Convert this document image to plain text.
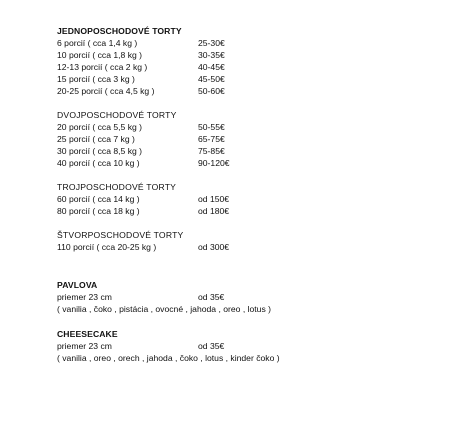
JEDNOPOSCHODOVÉ TORTY
6 porcií ( cca 1,4 kg )	25-30€
10 porcií ( cca 1,8 kg )	30-35€
12-13 porcií ( cca 2 kg )	40-45€
15 porcií ( cca 3 kg )	45-50€
20-25 porcií ( cca 4,5 kg )	50-60€
DVOJPOSCHODOVÉ TORTY
20 porcií ( cca 5,5 kg )	50-55€
25 porcií ( cca 7 kg )	65-75€
30 porcií ( cca 8,5 kg )	75-85€
40 porcií ( cca 10 kg )	90-120€
TROJPOSCHODOVÉ TORTY
60 porcií ( cca 14 kg )	od 150€
80 porcií ( cca 18 kg )	od 180€
ŠTVORPOSCHODOVÉ TORTY
110 porcií ( cca 20-25 kg )	od 300€
PAVLOVA
priemer 23 cm	od 35€
( vanilia , čoko , pistácia , ovocné , jahoda , oreo , lotus )
CHEESECAKE
priemer 23 cm	od 35€
( vanilia , oreo , orech , jahoda , čoko , lotus , kinder čoko )
